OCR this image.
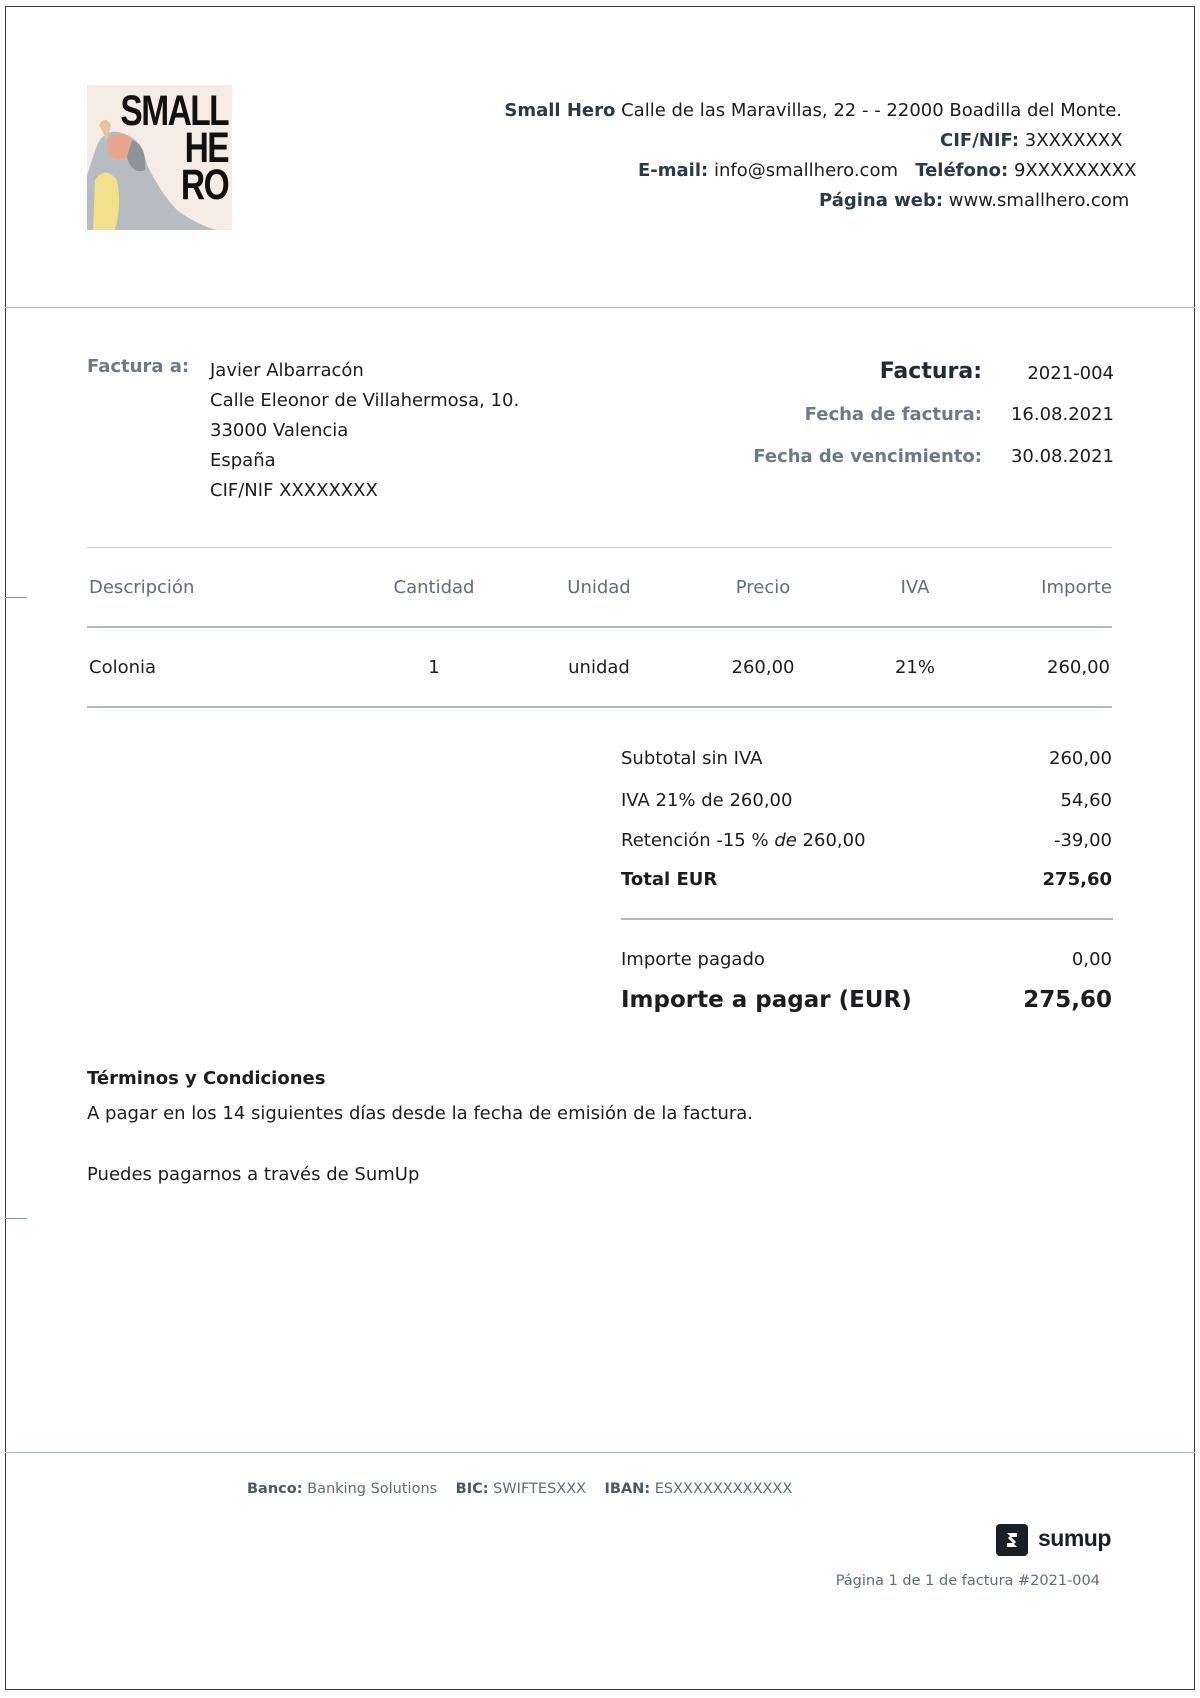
SMALL
HE
RO
Small Hero Calle de las Maravillas, 22 - - 22000 Boadilla del Monte.
CIF/NIF: 3XXXXXXX
E-mail: info@smallhero.com Teléfono: 9XXXXXXXXX
Página web: www.smallhero.com
Factura a: Javier Albarracón
Calle Eleonor de Villahermosa, 10.
33000 Valencia
España
CIF/NIF XXXXXXXX
Factura:	2021-004
Fecha de factura: 16.08.2021
Fecha de vencimiento: 30.08.2021
Descripción	Cantidad	Unidad	Precio	IVA	Importe
Colonia	1	unidad	260,00	21%	260,00
Subtotal sin IVA	260,00
IVA 21% de 260,00	54,60
Retención -15 % de 260,00	-39,00
Total EUR	275,60
Importe pagado	0,00
Importe a pagar (EUR)	275,60
Términos y Condiciones
A pagar en los 14 siguientes días desde la fecha de emisión de la factura.
Puedes pagarnos a través de SumUp
Banco: Banking Solutions BIC: SWIFTESXXX IBAN: ESXXXXXXXXXXXX
sumup
Página 1 de 1 de factura #2021-004
